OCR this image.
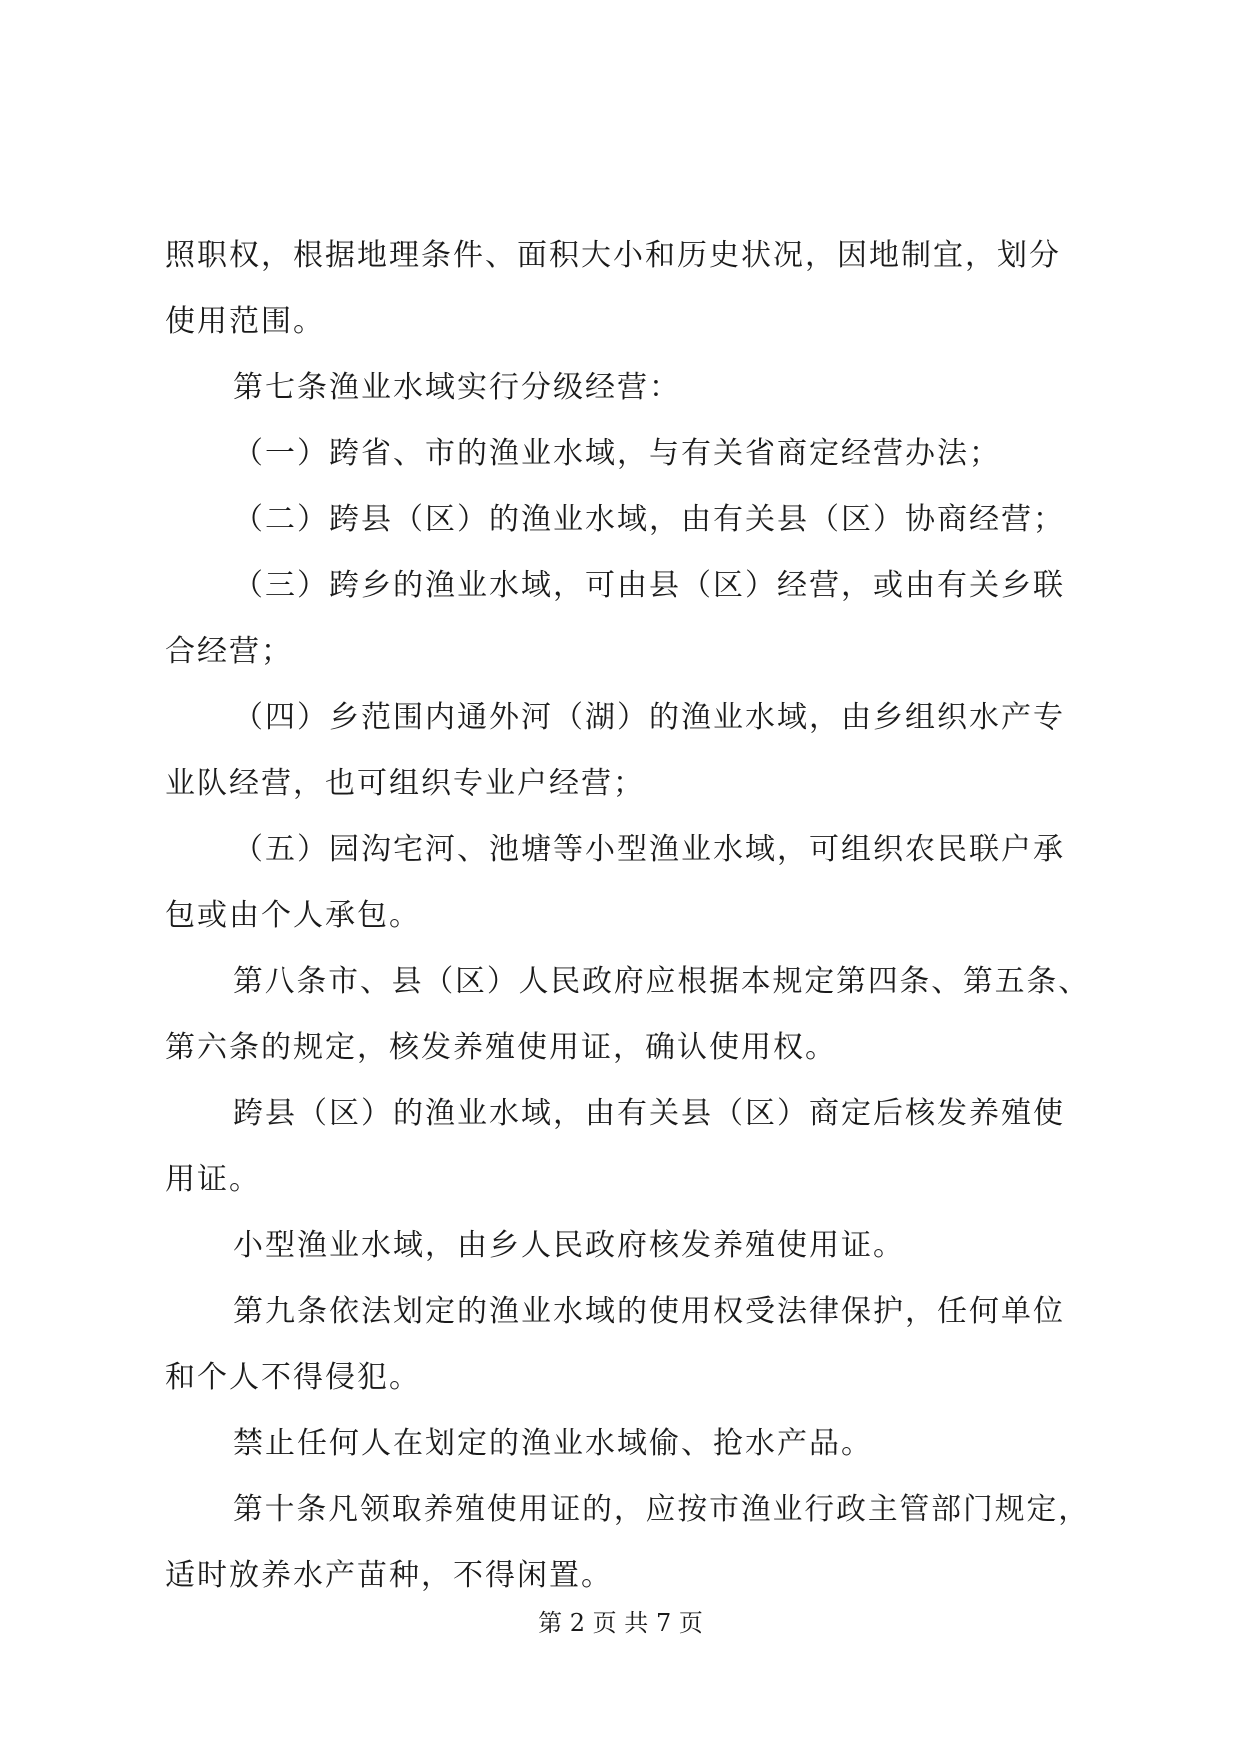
照职权，根据地理条件、面积大小和历史状况，因地制宜，划分
使用范围。
第七条渔业水域实行分级经营：
（一）跨省、市的渔业水域，与有关省商定经营办法；
（二）跨县（区）的渔业水域，由有关县（区）协商经营；
（三）跨乡的渔业水域，可由县（区）经营，或由有关乡联
合经营；
（四）乡范围内通外河（湖）的渔业水域，由乡组织水产专
业队经营，也可组织专业户经营；
（五）园沟宅河、池塘等小型渔业水域，可组织农民联户承
包或由个人承包。
第八条市、县（区）人民政府应根据本规定第四条、第五条、
第六条的规定，核发养殖使用证，确认使用权。
跨县（区）的渔业水域，由有关县（区）商定后核发养殖使
用证。
小型渔业水域，由乡人民政府核发养殖使用证。
第九条依法划定的渔业水域的使用权受法律保护，任何单位
和个人不得侵犯。
禁止任何人在划定的渔业水域偷、抢水产品。
第十条凡领取养殖使用证的，应按市渔业行政主管部门规定，
适时放养水产苗种，不得闲置。
第 2 页 共 7 页
